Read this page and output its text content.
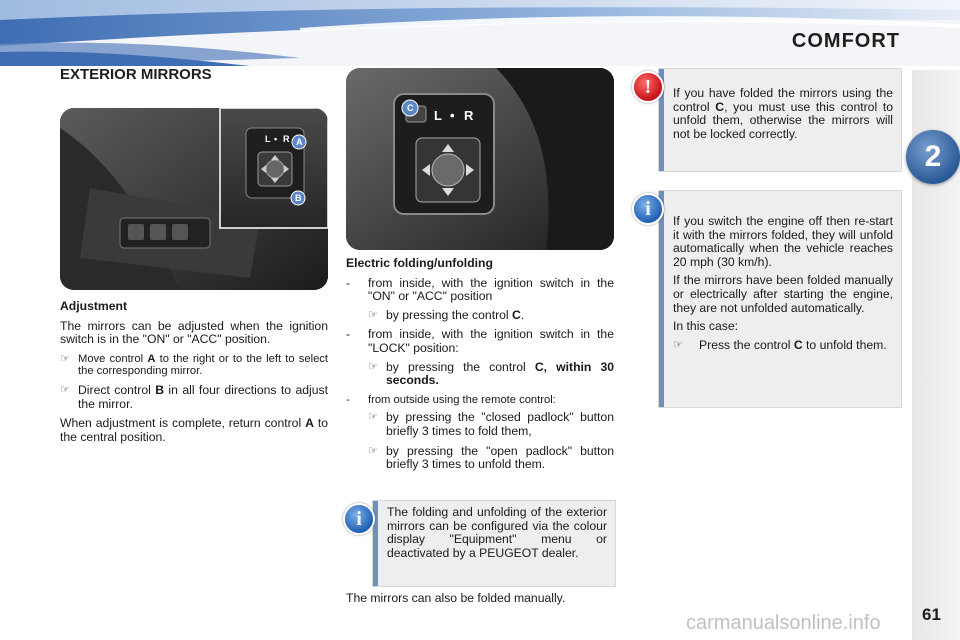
COMFORT
2
EXTERIOR MIRRORS
L • R A
B
L • R
C

Adjustment

The mirrors can be adjusted when the ignition switch is in the "ON" or "ACC" position.

☞ Move control A to the right or to the left to select the corresponding mirror.
☞ Direct control B in all four directions to adjust the mirror.

When adjustment is complete, return control A to the central position.

Electric folding/unfolding

-	from inside, with the ignition switch in the "ON" or "ACC" position
☞ by pressing the control C.
-	from inside, with the ignition switch in the "LOCK" position:
☞ by pressing the control C, within 30 seconds.
-	from outside using the remote control:
☞ by pressing the "closed padlock" button briefly 3 times to fold them,
☞ by pressing the "open padlock" button briefly 3 times to unfold them.

The folding and unfolding of the exterior mirrors can be configured via the colour display "Equipment" menu or deactivated by a PEUGEOT dealer.

i

The mirrors can also be folded manually.

If you have folded the mirrors using the control C, you must use this control to unfold them, otherwise the mirrors will not be locked correctly.

!

If you switch the engine off then re-start it with the mirrors folded, they will unfold automatically when the vehicle reaches 20 mph (30 km/h).

If the mirrors have been folded manually or electrically after starting the engine, they are not unfolded automatically.

In this case:

☞	Press the control C to unfold them.
i
61
carmanualsonline.info
